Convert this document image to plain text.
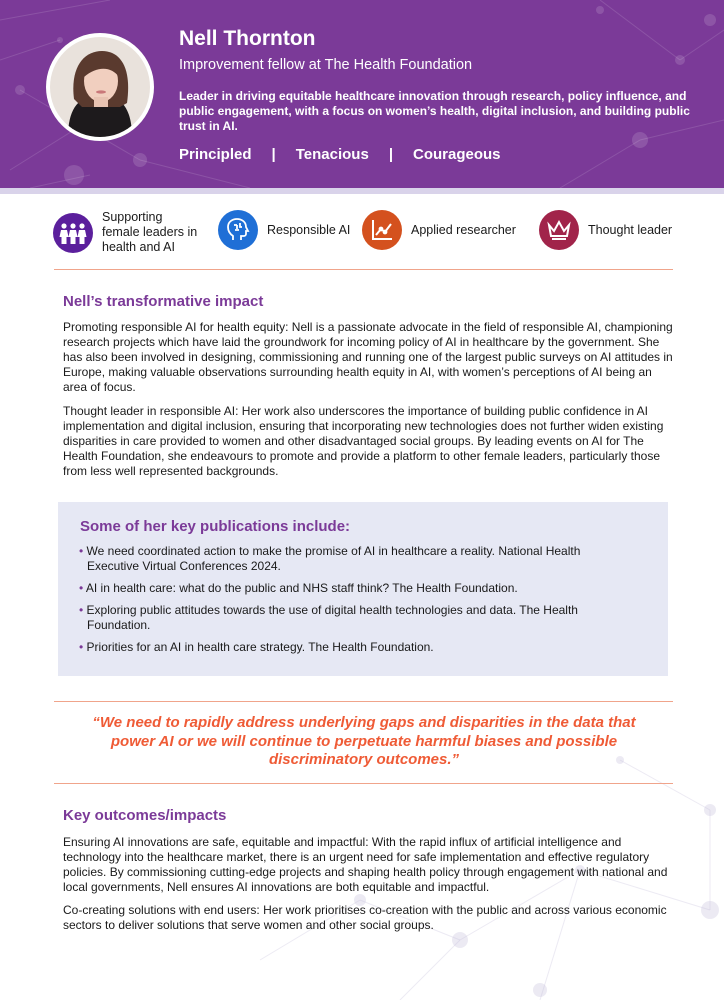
Nell Thornton
Improvement fellow at The Health Foundation
Leader in driving equitable healthcare innovation through research, policy influence, and public engagement, with a focus on women’s health, digital inclusion, and building public trust in AI.
Principled | Tenacious | Courageous
Supporting female leaders in health and AI
Responsible AI	Applied researcher	Thought leader
Nell’s transformative impact

Promoting responsible AI for health equity: Nell is a passionate advocate in the field of responsible AI, championing research projects which have laid the groundwork for incoming policy of AI in healthcare by the government. She has also been involved in designing, commissioning and running one of the largest public surveys on AI attitudes in Europe, making valuable observations surrounding health equity in AI, with women’s perceptions of AI being an area of focus.

Thought leader in responsible AI: Her work also underscores the importance of building public confidence in AI implementation and digital inclusion, ensuring that incorporating new technologies does not further widen existing disparities in care provided to women and other disadvantaged social groups. By leading events on AI for The Health Foundation, she endeavours to promote and provide a platform to other female leaders, particularly those from less well represented backgrounds.

Some of her key publications include:
• We need coordinated action to make the promise of AI in healthcare a reality. National Health Executive Virtual Conferences 2024.
• AI in health care: what do the public and NHS staff think? The Health Foundation.
• Exploring public attitudes towards the use of digital health technologies and data. The Health Foundation.
• Priorities for an AI in health care strategy. The Health Foundation.
“We need to rapidly address underlying gaps and disparities in the data that power AI or we will continue to perpetuate harmful biases and possible discriminatory outcomes.”
Key outcomes/impacts

Ensuring AI innovations are safe, equitable and impactful: With the rapid influx of artificial intelligence and technology into the healthcare market, there is an urgent need for safe implementation and effective regulatory policies. By commissioning cutting-edge projects and shaping health policy through engagement with national and local governments, Nell ensures AI innovations are both equitable and impactful.

Co-creating solutions with end users: Her work prioritises co-creation with the public and across various economic sectors to deliver solutions that serve women and other social groups.
